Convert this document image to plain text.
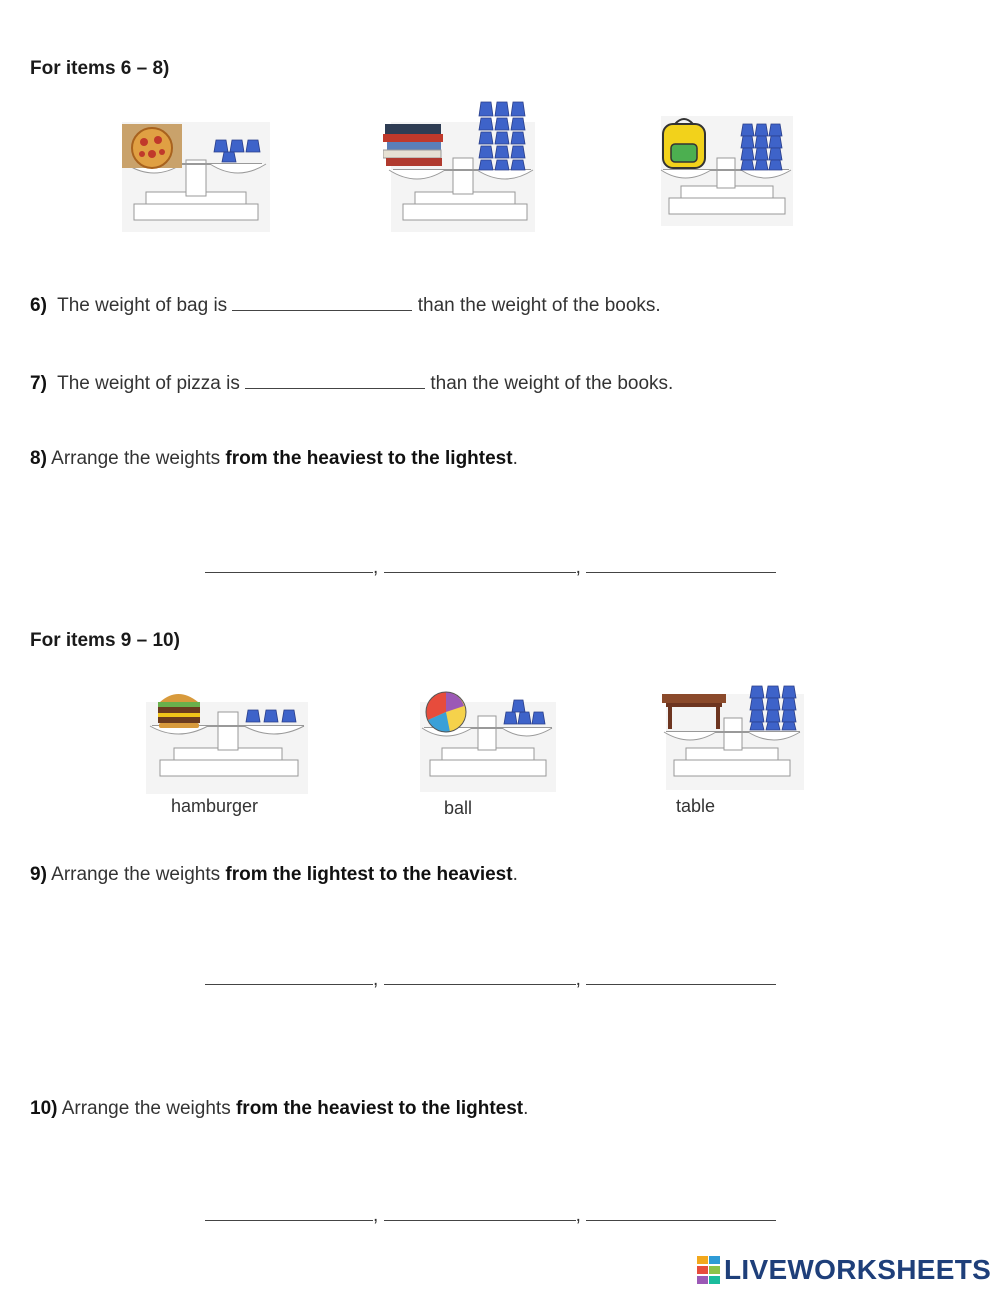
For items 6 – 8)
6) The weight of bag is	than the weight of the books.
7) The weight of pizza is	than the weight of the books.
8) Arrange the weights from the heaviest to the lightest.
,	,
For items 9 – 10)
hamburger	ball	table
9) Arrange the weights from the lightest to the heaviest.
,	,
10) Arrange the weights from the heaviest to the lightest.
,	,
LIVEWORKSHEETS
